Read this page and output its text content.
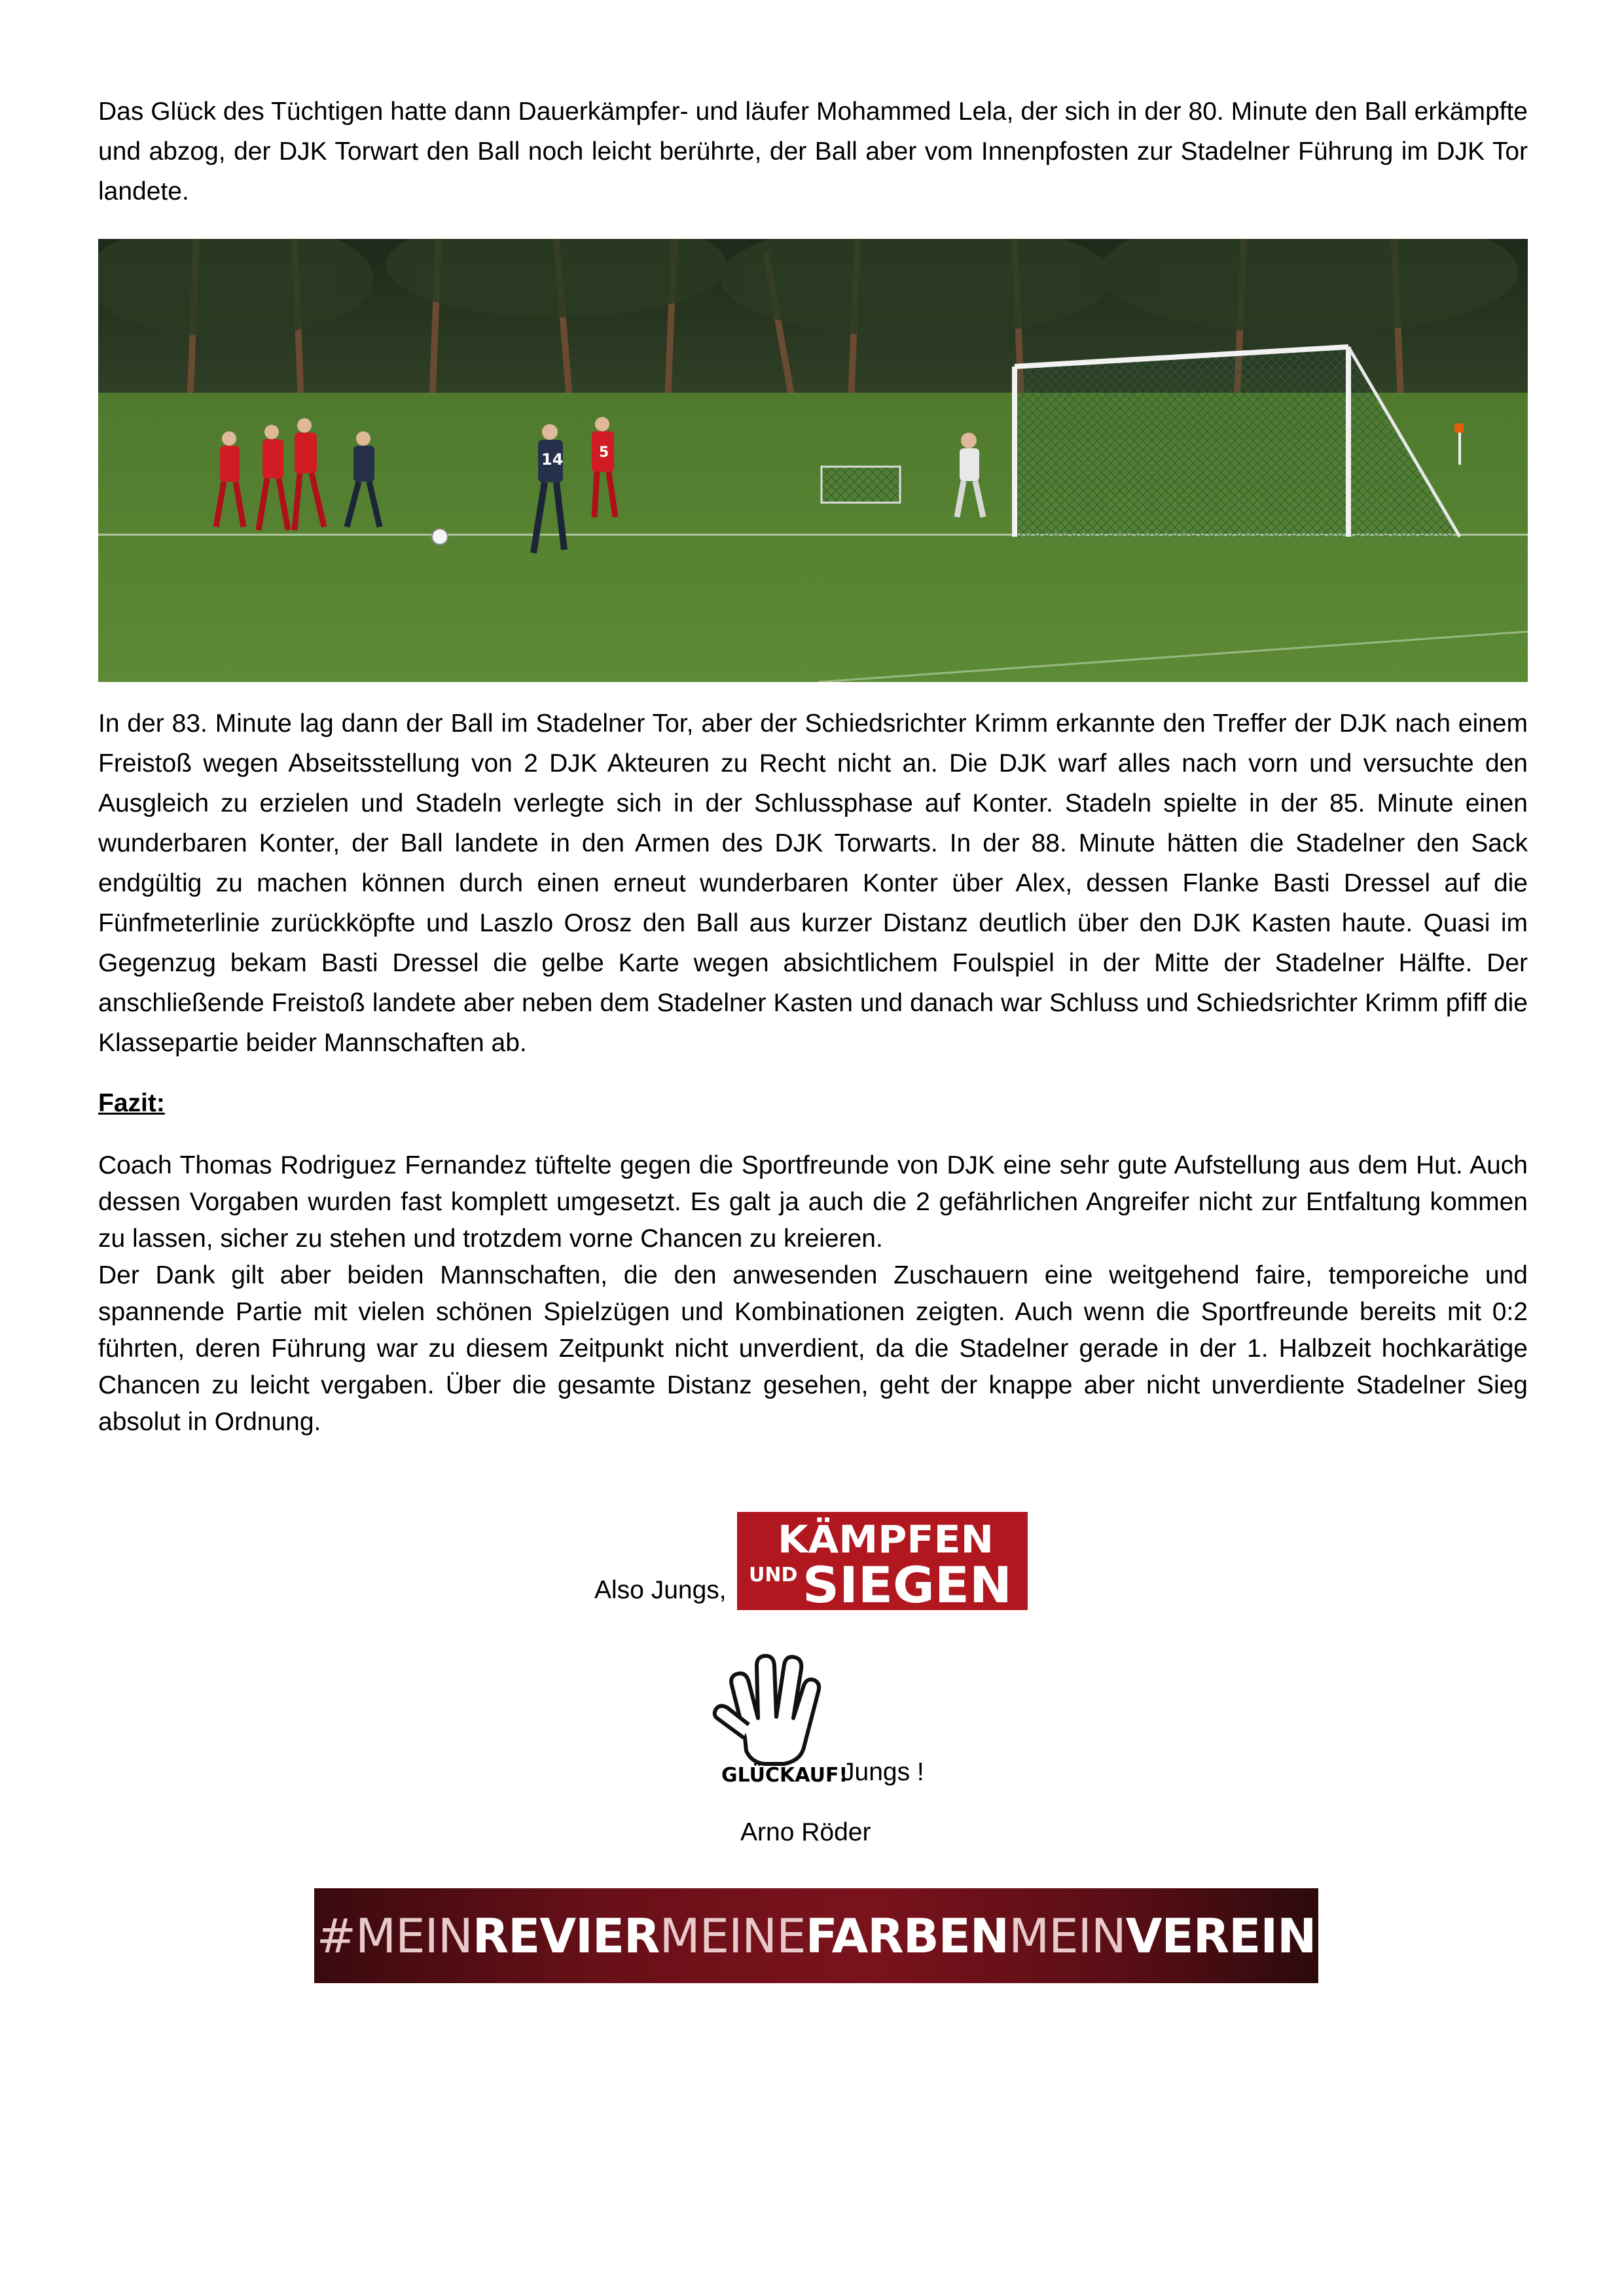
Das Glück des Tüchtigen hatte dann Dauerkämpfer- und läufer Mohammed Lela, der sich in der 80. Minute den Ball erkämpfte und abzog, der DJK Torwart den Ball noch leicht berührte, der Ball aber vom Innenpfosten zur Stadelner Führung im DJK Tor landete.

5
14

In der 83. Minute lag dann der Ball im Stadelner Tor, aber der Schiedsrichter Krimm erkannte den Treffer der DJK nach einem Freistoß wegen Abseitsstellung von 2 DJK Akteuren zu Recht nicht an. Die DJK warf alles nach vorn und versuchte den Ausgleich zu erzielen und Stadeln verlegte sich in der Schlussphase auf Konter. Stadeln spielte in der 85. Minute einen wunderbaren Konter, der Ball landete in den Armen des DJK Torwarts. In der 88. Minute hätten die Stadelner den Sack endgültig zu machen können durch einen erneut wunderbaren Konter über Alex, dessen Flanke Basti Dressel auf die Fünfmeterlinie zurückköpfte und Laszlo Orosz den Ball aus kurzer Distanz deutlich über den DJK Kasten haute. Quasi im Gegenzug bekam Basti Dressel die gelbe Karte wegen absichtlichem Foulspiel in der Mitte der Stadelner Hälfte. Der anschließende Freistoß landete aber neben dem Stadelner Kasten und danach war Schluss und Schiedsrichter Krimm pfiff die Klassepartie beider Mannschaften ab.

Fazit:

Coach Thomas Rodriguez Fernandez tüftelte gegen die Sportfreunde von DJK eine sehr gute Aufstellung aus dem Hut. Auch dessen Vorgaben wurden fast komplett umgesetzt. Es galt ja auch die 2 gefährlichen Angreifer nicht zur Entfaltung kommen zu lassen, sicher zu stehen und trotzdem vorne Chancen zu kreieren.

Der Dank gilt aber beiden Mannschaften, die den anwesenden Zuschauern eine weitgehend faire, temporeiche und spannende Partie mit vielen schönen Spielzügen und Kombinationen zeigten. Auch wenn die Sportfreunde bereits mit 0:2 führten, deren Führung war zu diesem Zeitpunkt nicht unverdient, da die Stadelner gerade in der 1. Halbzeit hochkarätige Chancen zu leicht vergaben. Über die gesamte Distanz gesehen, geht der knappe aber nicht unverdiente Stadelner Sieg absolut in Ordnung.

Also Jungs,
KÄMPFEN
UND SIEGEN
GLÜCKAUF!
Jungs !
Arno Röder
#MEIN REVIER MEINE FARBEN MEIN VEREIN
